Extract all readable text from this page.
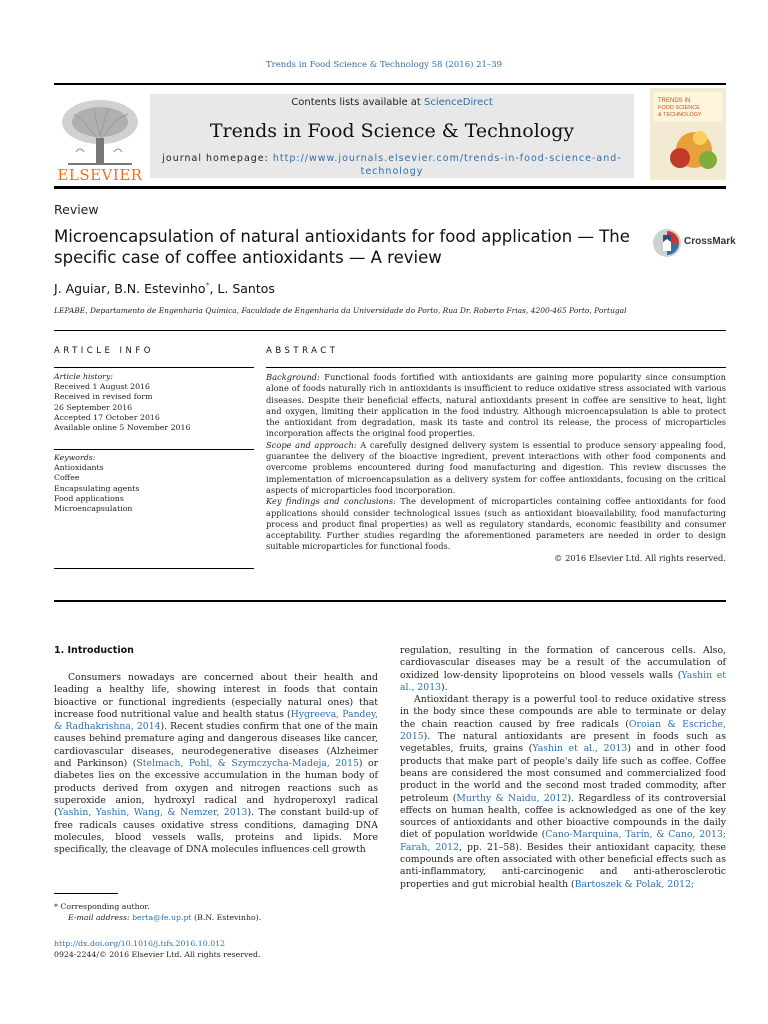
Trends in Food Science & Technology 58 (2016) 21–39
ELSEVIER
Contents lists available at ScienceDirect
Trends in Food Science & Technology
journal homepage: http://www.journals.elsevier.com/trends-in-food-science-and-technology
TRENDS IN
FOOD SCIENCE
& TECHNOLOGY
Review
Microencapsulation of natural antioxidants for food application — The specific case of coffee antioxidants — A review
CrossMark
J. Aguiar, B.N. Estevinho*, L. Santos
LEPABE, Departamento de Engenharia Química, Faculdade de Engenharia da Universidade do Porto, Rua Dr. Roberto Frias, 4200-465 Porto, Portugal
ARTICLE INFO	ABSTRACT
Article history:
Received 1 August 2016
Received in revised form
26 September 2016
Accepted 17 October 2016
Available online 5 November 2016
Keywords:
Antioxidants
Coffee
Encapsulating agents
Food applications
Microencapsulation

Background: Functional foods fortified with antioxidants are gaining more popularity since consumption alone of foods naturally rich in antioxidants is insufficient to reduce oxidative stress associated with various diseases. Despite their beneficial effects, natural antioxidants present in coffee are sensitive to heat, light and oxygen, limiting their application in the food industry. Although microencapsulation is able to protect the antioxidant from degradation, mask its taste and control its release, the process of microparticles incorporation affects the original food properties.

Scope and approach: A carefully designed delivery system is essential to produce sensory appealing food, guarantee the delivery of the bioactive ingredient, prevent interactions with other food components and overcome problems encountered during food manufacturing and digestion. This review discusses the implementation of microencapsulation as a delivery system for coffee antioxidants, focusing on the critical aspects of microparticles food incorporation.

Key findings and conclusions: The development of microparticles containing coffee antioxidants for food applications should consider technological issues (such as antioxidant bioavailability, food manufacturing process and product final properties) as well as regulatory standards, economic feasibility and consumer acceptability. Further studies regarding the aforementioned parameters are needed in order to design suitable microparticles for functional foods.

© 2016 Elsevier Ltd. All rights reserved.

1. Introduction

Consumers nowadays are concerned about their health and leading a healthy life, showing interest in foods that contain bioactive or functional ingredients (especially natural ones) that increase food nutritional value and health status (Hygreeva, Pandey, & Radhakrishna, 2014). Recent studies confirm that one of the main causes behind premature aging and dangerous diseases like cancer, cardiovascular diseases, neurodegenerative diseases (Alzheimer and Parkinson) (Stelmach, Pohl, & Szymczycha-Madeja, 2015) or diabetes lies on the excessive accumulation in the human body of products derived from oxygen and nitrogen reactions such as superoxide anion, hydroxyl radical and hydroperoxyl radical (Yashin, Yashin, Wang, & Nemzer, 2013). The constant build-up of free radicals causes oxidative stress conditions, damaging DNA molecules, blood vessels walls, proteins and lipids. More specifically, the cleavage of DNA molecules influences cell growth

regulation, resulting in the formation of cancerous cells. Also, cardiovascular diseases may be a result of the accumulation of oxidized low-density lipoproteins on blood vessels walls (Yashin et al., 2013).

Antioxidant therapy is a powerful tool to reduce oxidative stress in the body since these compounds are able to terminate or delay the chain reaction caused by free radicals (Oroian & Escriche, 2015). The natural antioxidants are present in foods such as vegetables, fruits, grains (Yashin et al., 2013) and in other food products that make part of people's daily life such as coffee. Coffee beans are considered the most consumed and commercialized food product in the world and the second most traded commodity, after petroleum (Murthy & Naidu, 2012). Regardless of its controversial effects on human health, coffee is acknowledged as one of the key sources of antioxidants and other bioactive compounds in the daily diet of population worldwide (Cano-Marquina, Tarín, & Cano, 2013; Farah, 2012, pp. 21–58). Besides their antioxidant capacity, these compounds are often associated with other beneficial effects such as anti-inflammatory, anti-carcinogenic and anti-atherosclerotic properties and gut microbial health (Bartoszek & Polak, 2012;

* Corresponding author.
E-mail address: berta@fe.up.pt (B.N. Estevinho).
http://dx.doi.org/10.1016/j.tifs.2016.10.012
0924-2244/© 2016 Elsevier Ltd. All rights reserved.
